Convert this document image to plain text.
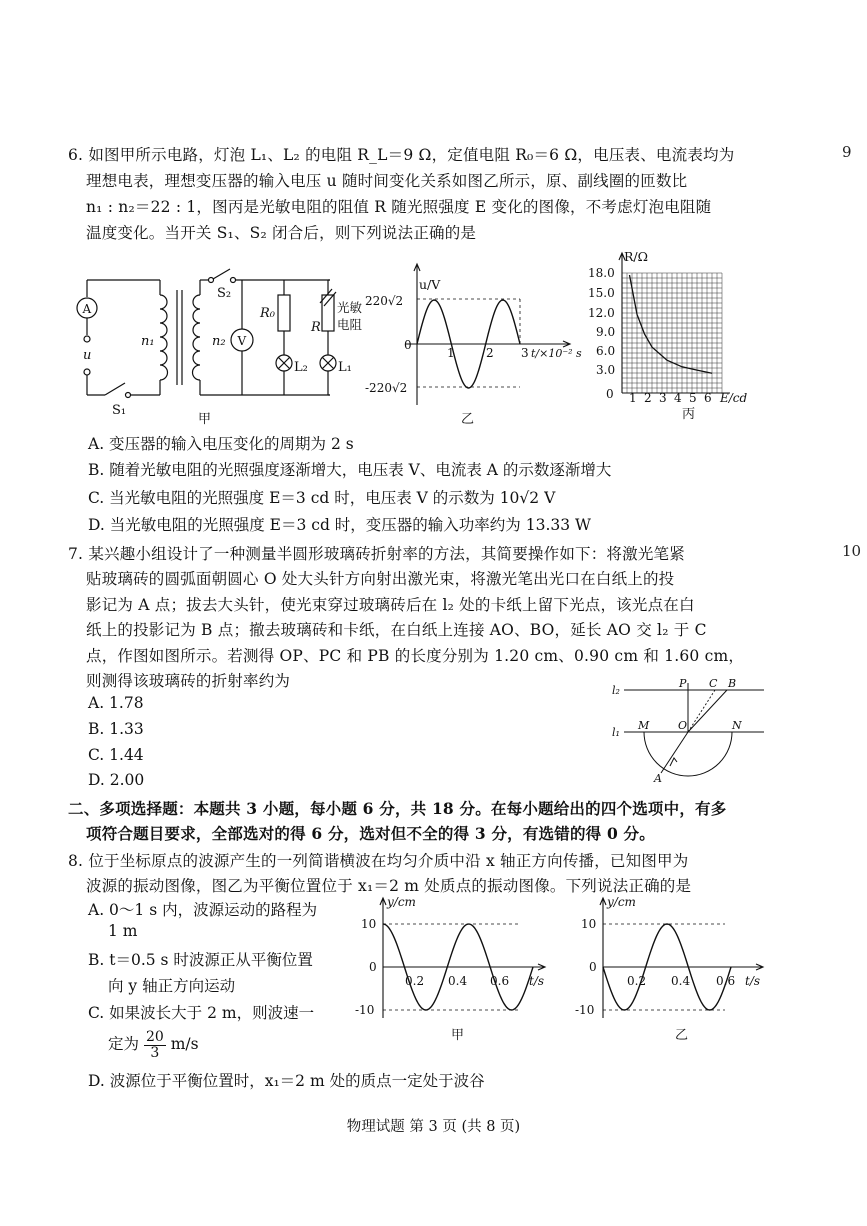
9
10
6. 如图甲所示电路，灯泡 L₁、L₂ 的电阻 R_L＝9 Ω，定值电阻 R₀＝6 Ω，电压表、电流表均为
理想电表，理想变压器的输入电压 u 随时间变化关系如图乙所示，原、副线圈的匝数比
n₁ : n₂＝22 : 1，图丙是光敏电阻的阻值 R 随光照强度 E 变化的图像，不考虑灯泡电阻随
温度变化。当开关 S₁、S₂ 闭合后，则下列说法正确的是
A
V
u
n₁	n₂
S₁
S₂
R₀
R
光敏
电阻
L₂ L₁
甲
u/V
220√2
0
-220√2
1	2 3 t/×10⁻² s
乙
R/Ω
18.0
15.0
12.0
9.0
6.0
3.0
0 1 2 3 4 5 6 E/cd
丙
A. 变压器的输入电压变化的周期为 2 s
B. 随着光敏电阻的光照强度逐渐增大，电压表 V、电流表 A 的示数逐渐增大
C. 当光敏电阻的光照强度 E＝3 cd 时，电压表 V 的示数为 10√2 V
D. 当光敏电阻的光照强度 E＝3 cd 时，变压器的输入功率约为 13.33 W
7. 某兴趣小组设计了一种测量半圆形玻璃砖折射率的方法，其简要操作如下：将激光笔紧
贴玻璃砖的圆弧面朝圆心 O 处大头针方向射出激光束，将激光笔出光口在白纸上的投
影记为 A 点；拔去大头针，使光束穿过玻璃砖后在 l₂ 处的卡纸上留下光点，该光点在白
纸上的投影记为 B 点；撤去玻璃砖和卡纸，在白纸上连接 AO、BO，延长 AO 交 l₂ 于 C
点，作图如图所示。若测得 OP、PC 和 PB 的长度分别为 1.20 cm、0.90 cm 和 1.60 cm，
则测得该玻璃砖的折射率约为
A. 1.78
B. 1.33
C. 1.44
D. 2.00
l₂
l₁
P C B
M	O	N
A
二、多项选择题：本题共 3 小题，每小题 6 分，共 18 分。在每小题给出的四个选项中，有多
项符合题目要求，全部选对的得 6 分，选对但不全的得 3 分，有选错的得 0 分。
8. 位于坐标原点的波源产生的一列简谐横波在均匀介质中沿 x 轴正方向传播，已知图甲为
波源的振动图像，图乙为平衡位置位于 x₁＝2 m 处质点的振动图像。下列说法正确的是
A. 0～1 s 内，波源运动的路程为
1 m
B. t＝0.5 s 时波源正从平衡位置
向 y 轴正方向运动
C. 如果波长大于 2 m，则波速一
定为 $\frac{20}{3} m/s$
D. 波源位于平衡位置时，x₁＝2 m 处的质点一定处于波谷
y/cm
10
0
-10
0.2 0.4 0.6 t/s
甲
y/cm
10
0
-10
0.2 0.4 0.6 t/s
乙
物理试题 第 3 页 (共 8 页)
